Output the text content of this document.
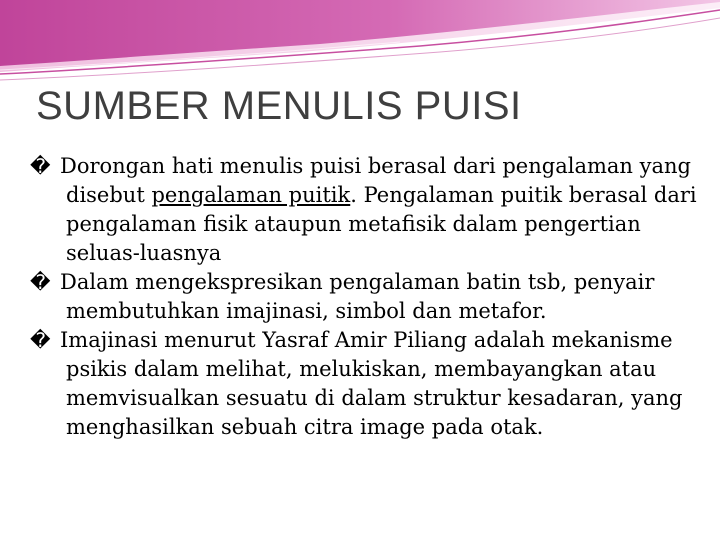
SUMBER MENULIS PUISI

� Dorongan hati menulis puisi berasal dari pengalaman yang disebut pengalaman puitik. Pengalaman puitik berasal dari pengalaman fisik ataupun metafisik dalam pengertian seluas-luasnya

� Dalam mengekspresikan pengalaman batin tsb, penyair membutuhkan imajinasi, simbol dan metafor.

� Imajinasi menurut Yasraf Amir Piliang adalah mekanisme psikis dalam melihat, melukiskan, membayangkan atau memvisualkan sesuatu di dalam struktur kesadaran, yang menghasilkan sebuah citra image pada otak.
